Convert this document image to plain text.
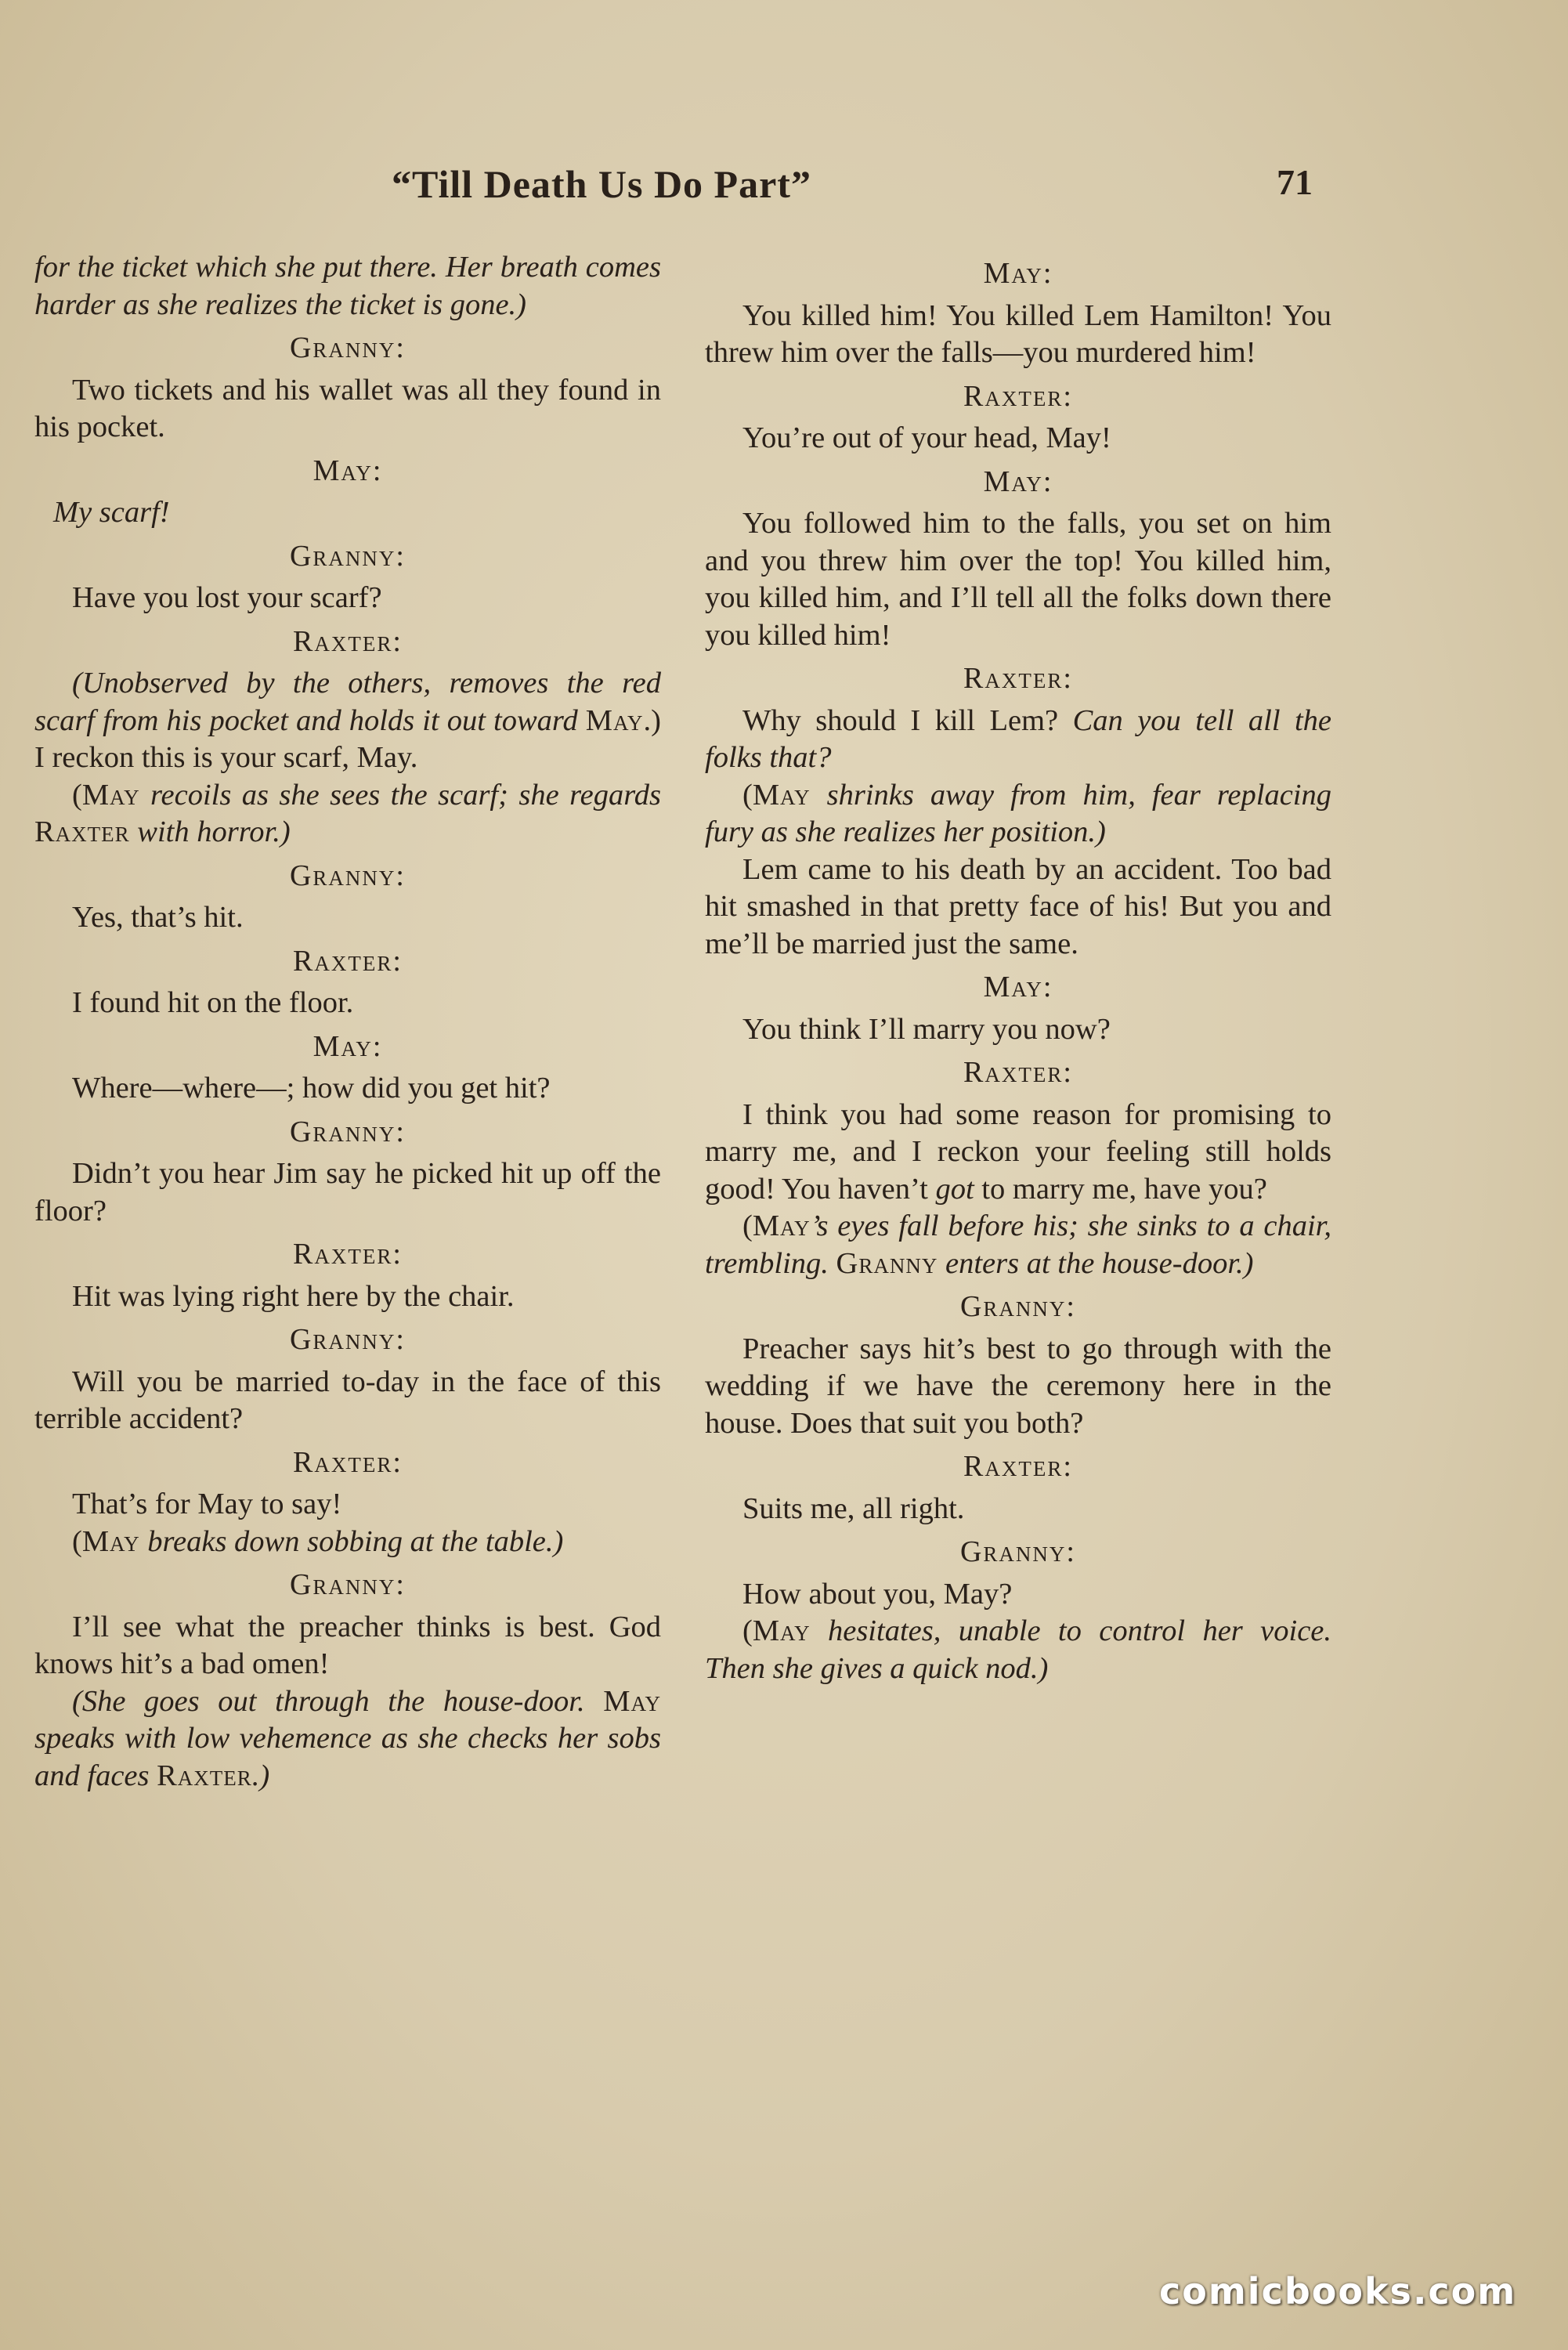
“Till Death Us Do Part”	71

for the ticket which she put there. Her breath comes harder as she realizes the ticket is gone.)

Granny:

Two tickets and his wallet was all they found in his pocket.

May:

My scarf!

Granny:

Have you lost your scarf?

Raxter:

(Unobserved by the others, removes the red scarf from his pocket and holds it out toward May.) I reckon this is your scarf, May.

(May recoils as she sees the scarf; she regards Raxter with horror.)

Granny:

Yes, that’s hit.

Raxter:

I found hit on the floor.

May:

Where—where—; how did you get hit?

Granny:

Didn’t you hear Jim say he picked hit up off the floor?

Raxter:

Hit was lying right here by the chair.

Granny:

Will you be married to-day in the face of this terrible accident?

Raxter:

That’s for May to say!

(May breaks down sobbing at the table.)

Granny:

I’ll see what the preacher thinks is best. God knows hit’s a bad omen!

(She goes out through the house-door. May speaks with low vehemence as she checks her sobs and faces Raxter.)

May:

You killed him! You killed Lem Hamilton! You threw him over the falls—you murdered him!

Raxter:

You’re out of your head, May!

May:

You followed him to the falls, you set on him and you threw him over the top! You killed him, you killed him, and I’ll tell all the folks down there you killed him!

Raxter:

Why should I kill Lem? Can you tell all the folks that?

(May shrinks away from him, fear replacing fury as she realizes her position.)

Lem came to his death by an accident. Too bad hit smashed in that pretty face of his! But you and me’ll be married just the same.

May:

You think I’ll marry you now?

Raxter:

I think you had some reason for promising to marry me, and I reckon your feeling still holds good! You haven’t got to marry me, have you?

(May’s eyes fall before his; she sinks to a chair, trembling. Granny enters at the house-door.)

Granny:

Preacher says hit’s best to go through with the wedding if we have the ceremony here in the house. Does that suit you both?

Raxter:

Suits me, all right.

Granny:

How about you, May?

(May hesitates, unable to control her voice. Then she gives a quick nod.)

comicbooks.com
